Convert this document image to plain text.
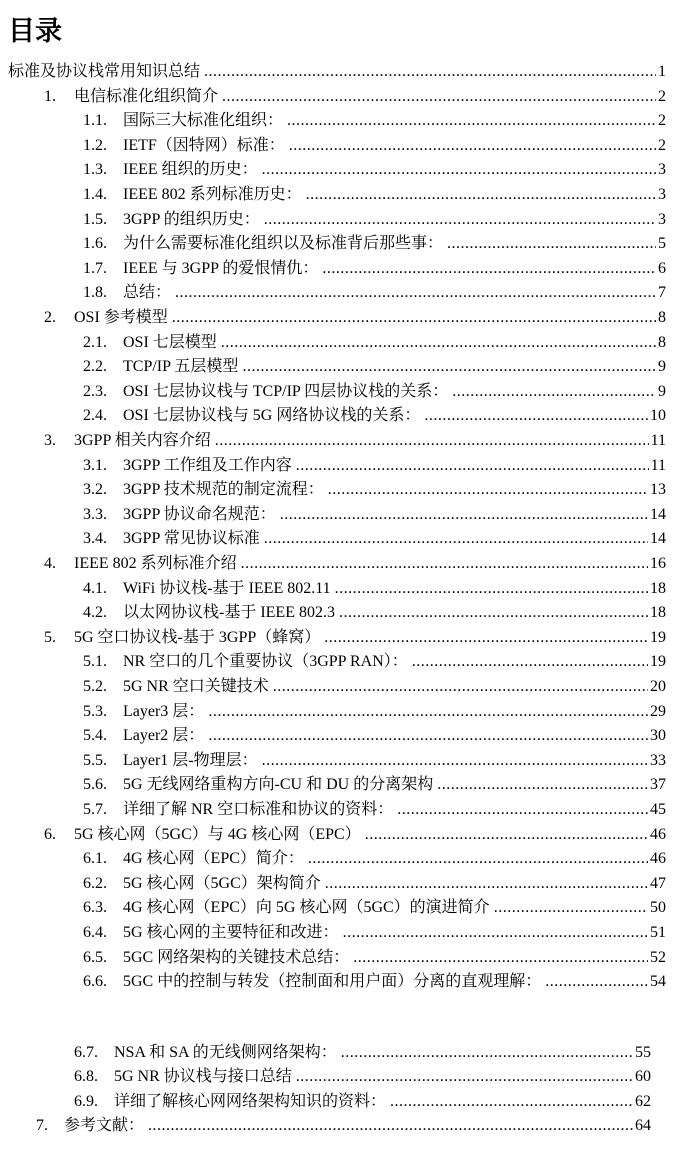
目录
标准及协议栈常用知识总结 .....	1
1.	电信标准化组织简介 .....	2
1.1.	国际三大标准化组织： .....	2
1.2.	IETF（因特网）标准： .....	2
1.3.	IEEE 组织的历史： .....	3
1.4.	IEEE 802 系列标准历史： .....	3
1.5.	3GPP 的组织历史： .....	3
1.6.	为什么需要标准化组织以及标准背后那些事： .....	5
1.7.	IEEE 与 3GPP 的爱恨情仇： .....	6
1.8.	总结： .....	7
2.	OSI 参考模型 .....	8
2.1.	OSI 七层模型 .....	8
2.2.	TCP/IP 五层模型 .....	9
2.3.	OSI 七层协议栈与 TCP/IP 四层协议栈的关系： .....	9
2.4.	OSI 七层协议栈与 5G 网络协议栈的关系： .....	10
3.	3GPP 相关内容介绍 .....	11
3.1.	3GPP 工作组及工作内容 .....	11
3.2.	3GPP 技术规范的制定流程： .....	13
3.3.	3GPP 协议命名规范： .....	14
3.4.	3GPP 常见协议标准 .....	14
4.	IEEE 802 系列标准介绍 .....	16
4.1.	WiFi 协议栈-基于 IEEE 802.11 .....	18
4.2.	以太网协议栈-基于 IEEE 802.3 .....	18
5.	5G 空口协议栈-基于 3GPP（蜂窝） .....	19
5.1.	NR 空口的几个重要协议（3GPP RAN）： .....	19
5.2.	5G NR 空口关键技术 .....	20
5.3.	Layer3 层： .....	29
5.4.	Layer2 层： .....	30
5.5.	Layer1 层-物理层： .....	33
5.6.	5G 无线网络重构方向-CU 和 DU 的分离架构 .....	37
5.7.	详细了解 NR 空口标准和协议的资料： .....	45
6.	5G 核心网（5GC）与 4G 核心网（EPC） .....	46
6.1.	4G 核心网（EPC）简介： .....	46
6.2.	5G 核心网（5GC）架构简介 .....	47
6.3.	4G 核心网（EPC）向 5G 核心网（5GC）的演进简介 .....	50
6.4.	5G 核心网的主要特征和改进： .....	51
6.5.	5GC 网络架构的关键技术总结： .....	52
6.6.	5GC 中的控制与转发（控制面和用户面）分离的直观理解： .....	54
6.7.	NSA 和 SA 的无线侧网络架构： .....	55
6.8.	5G NR 协议栈与接口总结 .....	60
6.9.	详细了解核心网网络架构知识的资料： .....	62
7.	参考文献： .....	64
